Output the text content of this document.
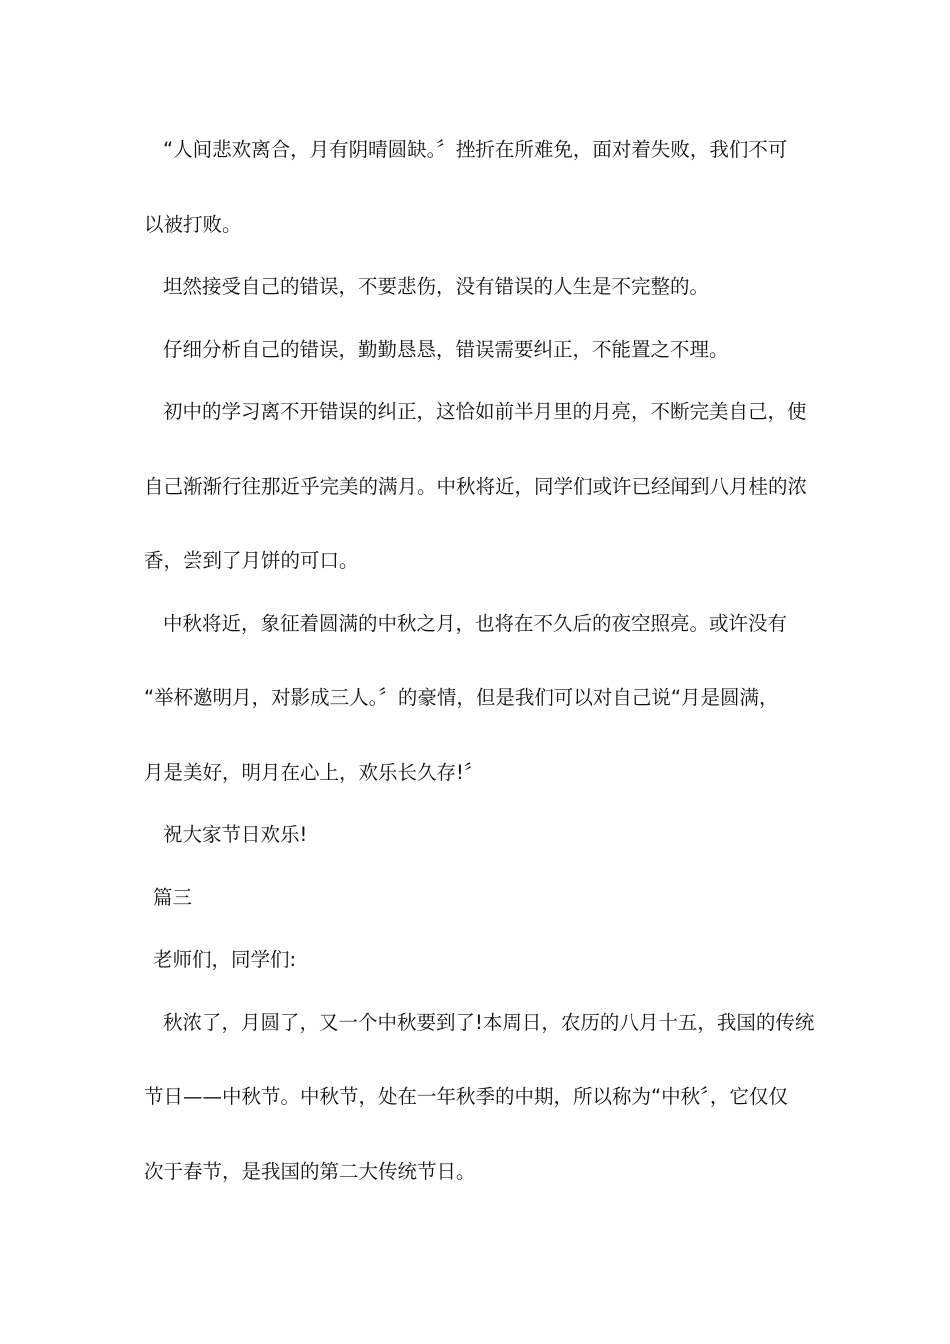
“人间悲欢离合，月有阴晴圆缺。〞挫折在所难免，面对着失败，我们不可
以被打败。
坦然接受自己的错误，不要悲伤，没有错误的人生是不完整的。
仔细分析自己的错误，勤勤恳恳，错误需要纠正，不能置之不理。
初中的学习离不开错误的纠正，这恰如前半月里的月亮，不断完美自己，使
自己渐渐行往那近乎完美的满月。中秋将近，同学们或许已经闻到八月桂的浓
香，尝到了月饼的可口。
中秋将近，象征着圆满的中秋之月，也将在不久后的夜空照亮。或许没有
“举杯邀明月，对影成三人。〞的豪情，但是我们可以对自己说“月是圆满，
月是美好，明月在心上，欢乐长久存!〞
祝大家节日欢乐!
篇三
老师们，同学们:
秋浓了，月圆了，又一个中秋要到了!本周日，农历的八月十五，我国的传统
节日——中秋节。中秋节，处在一年秋季的中期，所以称为“中秋〞，它仅仅
次于春节，是我国的第二大传统节日。
